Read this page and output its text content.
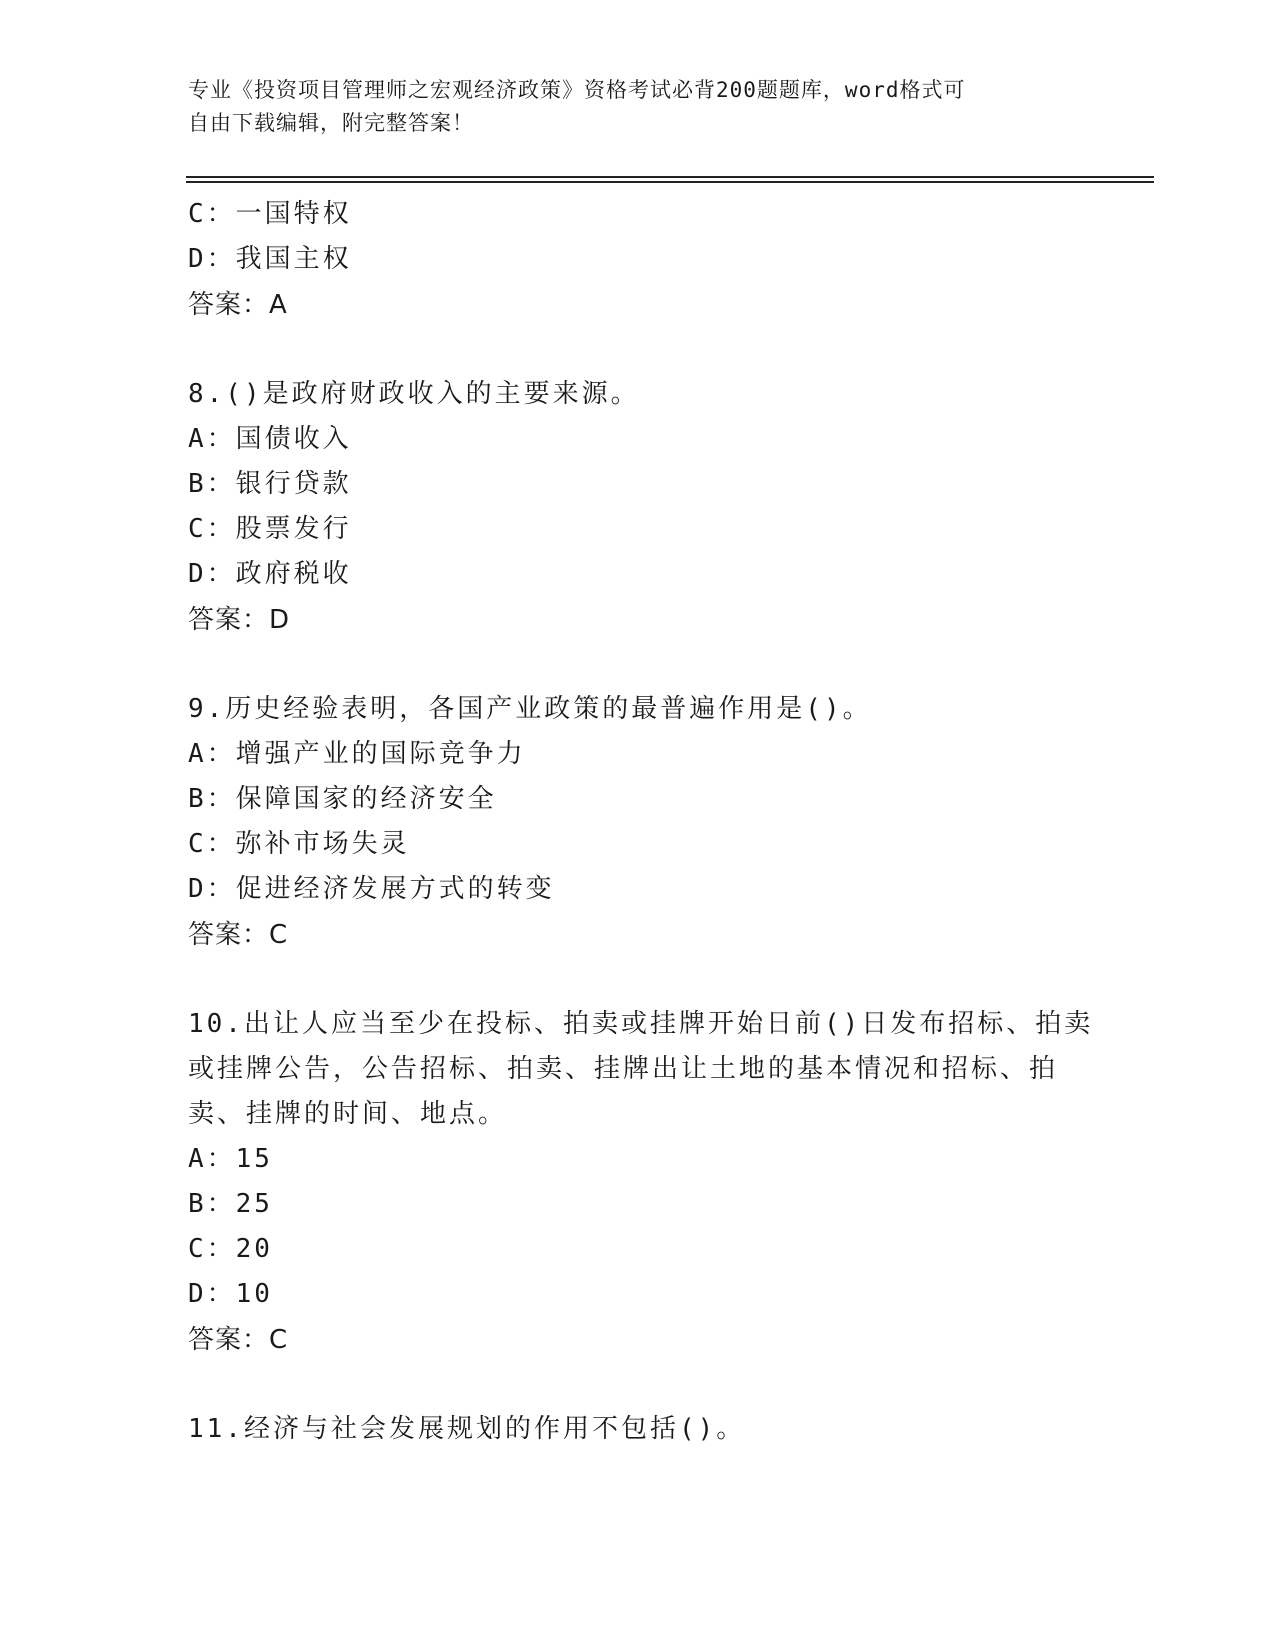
专业《投资项目管理师之宏观经济政策》资格考试必背200题题库，word格式可
自由下载编辑，附完整答案！
C：一国特权
D：我国主权
答案：A
8.()是政府财政收入的主要来源。
A：国债收入
B：银行贷款
C：股票发行
D：政府税收
答案：D
9.历史经验表明，各国产业政策的最普遍作用是()。
A：增强产业的国际竞争力
B：保障国家的经济安全
C：弥补市场失灵
D：促进经济发展方式的转变
答案：C
10.出让人应当至少在投标、拍卖或挂牌开始日前()日发布招标、拍卖
或挂牌公告，公告招标、拍卖、挂牌出让土地的基本情况和招标、拍
卖、挂牌的时间、地点。
A：15
B：25
C：20
D：10
答案：C
11.经济与社会发展规划的作用不包括()。
